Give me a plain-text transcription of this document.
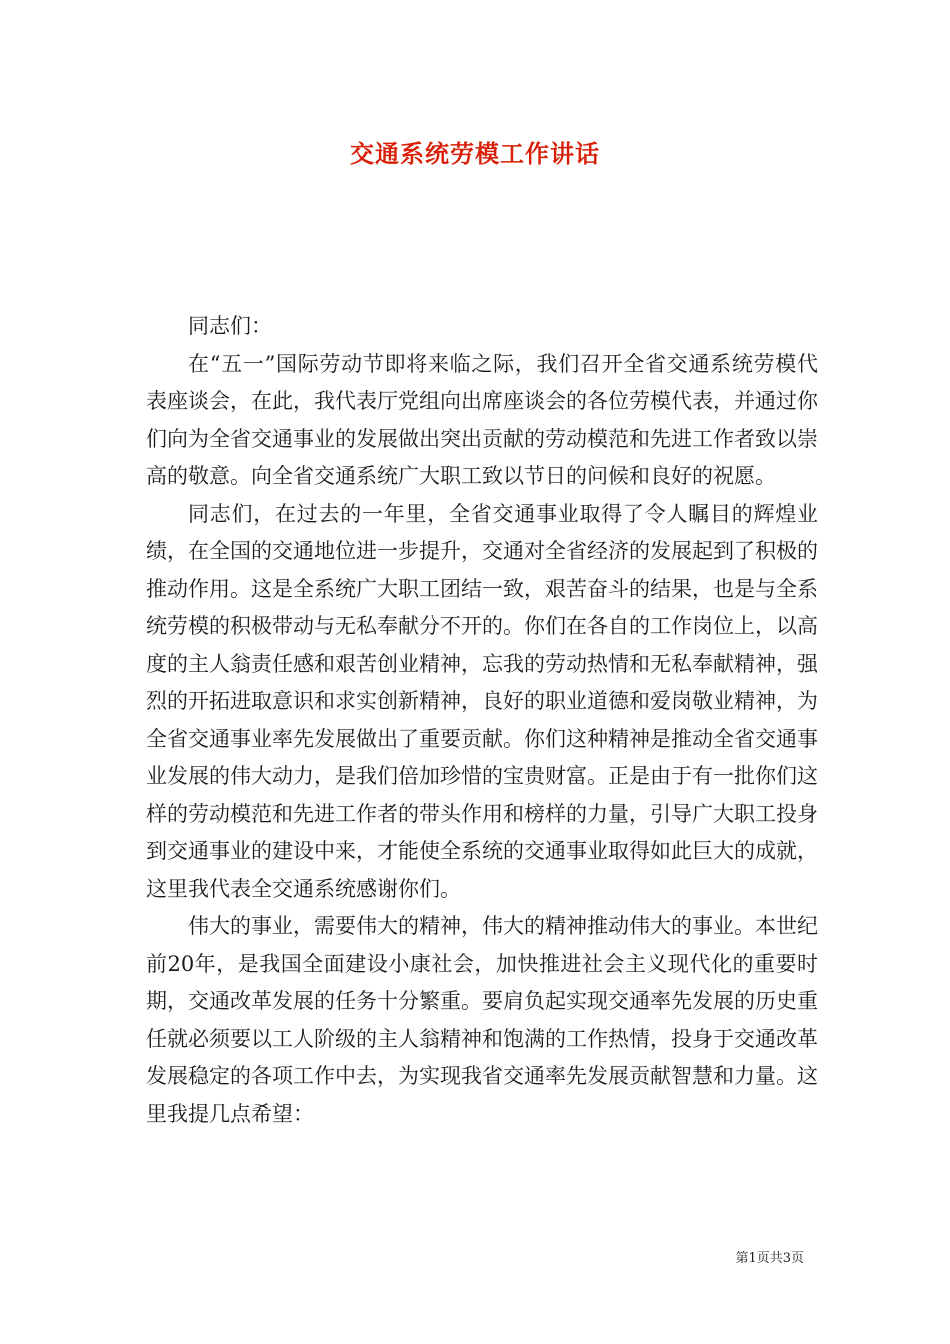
交通系统劳模工作讲话

同志们：

在“五一”国际劳动节即将来临之际，我们召开全省交通系统劳模代表座谈会，在此，我代表厅党组向出席座谈会的各位劳模代表，并通过你们向为全省交通事业的发展做出突出贡献的劳动模范和先进工作者致以崇高的敬意。向全省交通系统广大职工致以节日的问候和良好的祝愿。

同志们，在过去的一年里，全省交通事业取得了令人瞩目的辉煌业绩，在全国的交通地位进一步提升，交通对全省经济的发展起到了积极的推动作用。这是全系统广大职工团结一致，艰苦奋斗的结果，也是与全系统劳模的积极带动与无私奉献分不开的。你们在各自的工作岗位上，以高度的主人翁责任感和艰苦创业精神，忘我的劳动热情和无私奉献精神，强烈的开拓进取意识和求实创新精神，良好的职业道德和爱岗敬业精神，为全省交通事业率先发展做出了重要贡献。你们这种精神是推动全省交通事业发展的伟大动力，是我们倍加珍惜的宝贵财富。正是由于有一批你们这样的劳动模范和先进工作者的带头作用和榜样的力量，引导广大职工投身到交通事业的建设中来，才能使全系统的交通事业取得如此巨大的成就，这里我代表全交通系统感谢你们。

伟大的事业，需要伟大的精神，伟大的精神推动伟大的事业。本世纪前20年，是我国全面建设小康社会，加快推进社会主义现代化的重要时期，交通改革发展的任务十分繁重。要肩负起实现交通率先发展的历史重任就必须要以工人阶级的主人翁精神和饱满的工作热情，投身于交通改革发展稳定的各项工作中去，为实现我省交通率先发展贡献智慧和力量。这里我提几点希望：

第1页共3页
